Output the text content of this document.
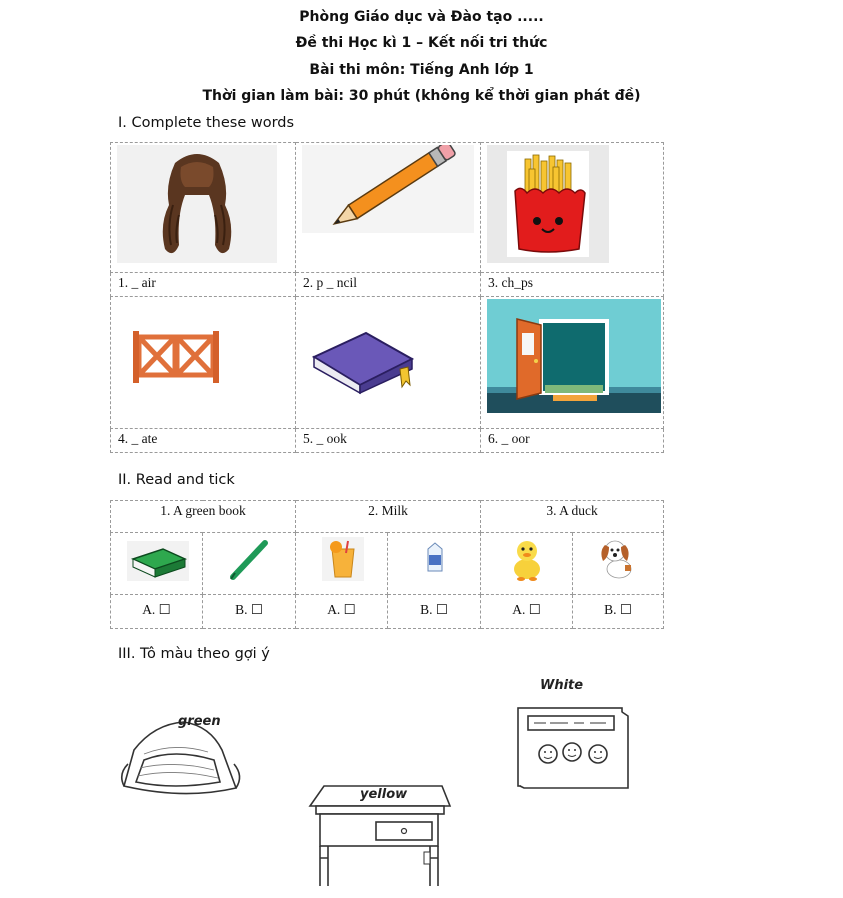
Phòng Giáo dục và Đào tạo .....
Đề thi Học kì 1 – Kết nối tri thức
Bài thi môn: Tiếng Anh lớp 1
Thời gian làm bài: 30 phút (không kể thời gian phát đề)
I. Complete these words

1. _ air	2. p _ ncil	3. ch_ps

4. _ ate	5. _ ook	6. _ oor
II. Read and tick
1. A green book		2. Milk		3. A duck	

A. ☐	B. ☐	A. ☐	B. ☐	A. ☐	B. ☐
III. Tô màu theo gợi ý
green
yellow
White
